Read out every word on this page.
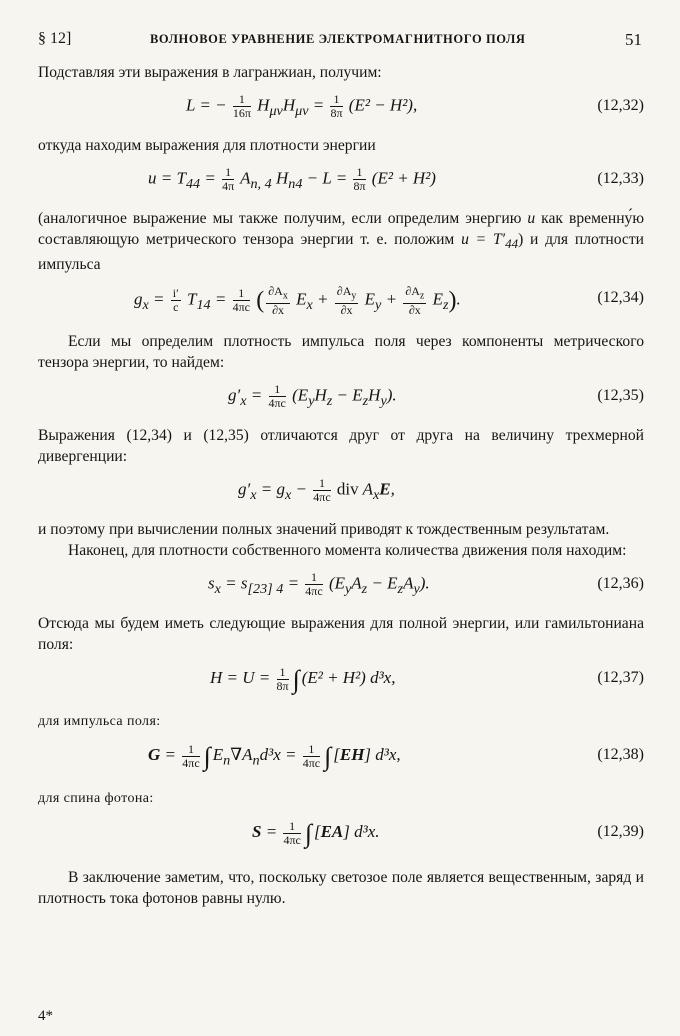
§ 12]	ВОЛНОВОЕ УРАВНЕНИЕ ЭЛЕКТРОМАГНИТНОГО ПОЛЯ	51

Подставляя эти выражения в лагранжиан, получим:

L = − $\frac{1}{16\pi} H_{\mu\nu}H_{\mu\nu} = \frac{1}{8\pi} (E^2 - H^2)$,	(12,32)

откуда находим выражения для плотности энергии

$u = T_{44} = \frac{1}{4\pi} A_{n, 4}$ $H_{n4} - L = \frac{1}{8\pi} (E^2 + H^2)$	(12,33)

(аналогичное выражение мы также получим, если определим энергию u как временну́ю составляющую метрического тензора энергии т. е. положим $u = T'_{44}$) и для плотности импульса

$g_x = \frac{i'}{c} T_{14} = \frac{1}{4\pi c}$ ( $\frac{\partial A_x}{\partial x} E_x + \frac{\partial A_y}{\partial x} E_y + \frac{\partial A_z}{\partial x} E_z$).	(12,34)

Если мы определим плотность импульса поля через компоненты метрического тензора энергии, то найдем:

$g'_x = \frac{1}{4\pi c} (E_yH_z - E_zH_y)$.	(12,35)

Выражения (12,34) и (12,35) отличаются друг от друга на величину трехмерной дивергенции:

$g'_x = g_x - \frac{1}{4\pi c}$ div $A_xE$,

и поэтому при вычислении полных значений приводят к тождественным результатам.

Наконец, для плотности собственного момента количества движения поля находим:

$s_x = s_{[23] 4} = \frac{1}{4\pi c} (E_yA_z - E_zA_y)$.	(12,36)

Отсюда мы будем иметь следующие выражения для полной энергии, или гамильтониана поля:

$H = U = \frac{1}{8\pi}$ ∫ (E² + H²) d³x,	(12,37)

для импульса поля:

$G = \frac{1}{4\pi c}$ ∫ $E_n\nabla A_nd^3x = \frac{1}{4\pi c}$ ∫ [EH] d³x,	(12,38)

для спина фотона:

$S = \frac{1}{4\pi c}$ ∫ [EA] d³x.	(12,39)

В заключение заметим, что, поскольку светозое поле является вещественным, заряд и плотность тока фотонов равны нулю.

4*
